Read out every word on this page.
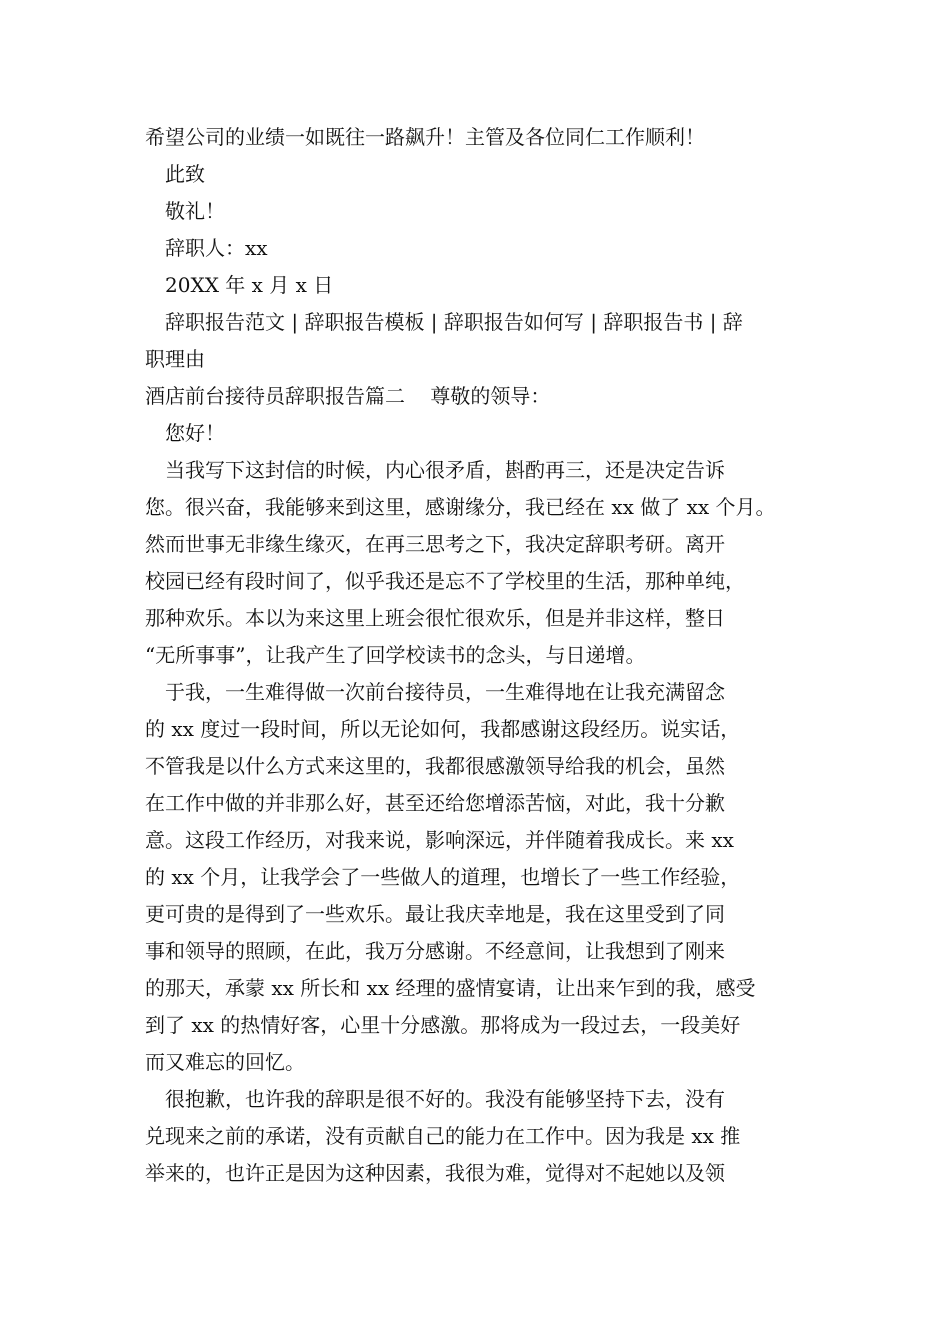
希望公司的业绩一如既往一路飙升！主管及各位同仁工作顺利！

此致

敬礼！

辞职人：xx

20XX 年 x 月 x 日

辞职报告范文 | 辞职报告模板 | 辞职报告如何写 | 辞职报告书 | 辞

职理由

酒店前台接待员辞职报告篇二    尊敬的领导：

您好！

当我写下这封信的时候，内心很矛盾，斟酌再三，还是决定告诉
您。很兴奋，我能够来到这里，感谢缘分，我已经在 xx 做了 xx 个月。
然而世事无非缘生缘灭，在再三思考之下，我决定辞职考研。离开
校园已经有段时间了，似乎我还是忘不了学校里的生活，那种单纯，
那种欢乐。本以为来这里上班会很忙很欢乐，但是并非这样，整日
“无所事事”，让我产生了回学校读书的念头，与日递增。
于我，一生难得做一次前台接待员，一生难得地在让我充满留念
的 xx 度过一段时间，所以无论如何，我都感谢这段经历。说实话，
不管我是以什么方式来这里的，我都很感激领导给我的机会，虽然
在工作中做的并非那么好，甚至还给您增添苦恼，对此，我十分歉
意。这段工作经历，对我来说，影响深远，并伴随着我成长。来 xx
的 xx 个月，让我学会了一些做人的道理，也增长了一些工作经验，
更可贵的是得到了一些欢乐。最让我庆幸地是，我在这里受到了同
事和领导的照顾，在此，我万分感谢。不经意间，让我想到了刚来
的那天，承蒙 xx 所长和 xx 经理的盛情宴请，让出来乍到的我，感受
到了 xx 的热情好客，心里十分感激。那将成为一段过去，一段美好
而又难忘的回忆。
很抱歉，也许我的辞职是很不好的。我没有能够坚持下去，没有
兑现来之前的承诺，没有贡献自己的能力在工作中。因为我是 xx 推
举来的，也许正是因为这种因素，我很为难，觉得对不起她以及领
